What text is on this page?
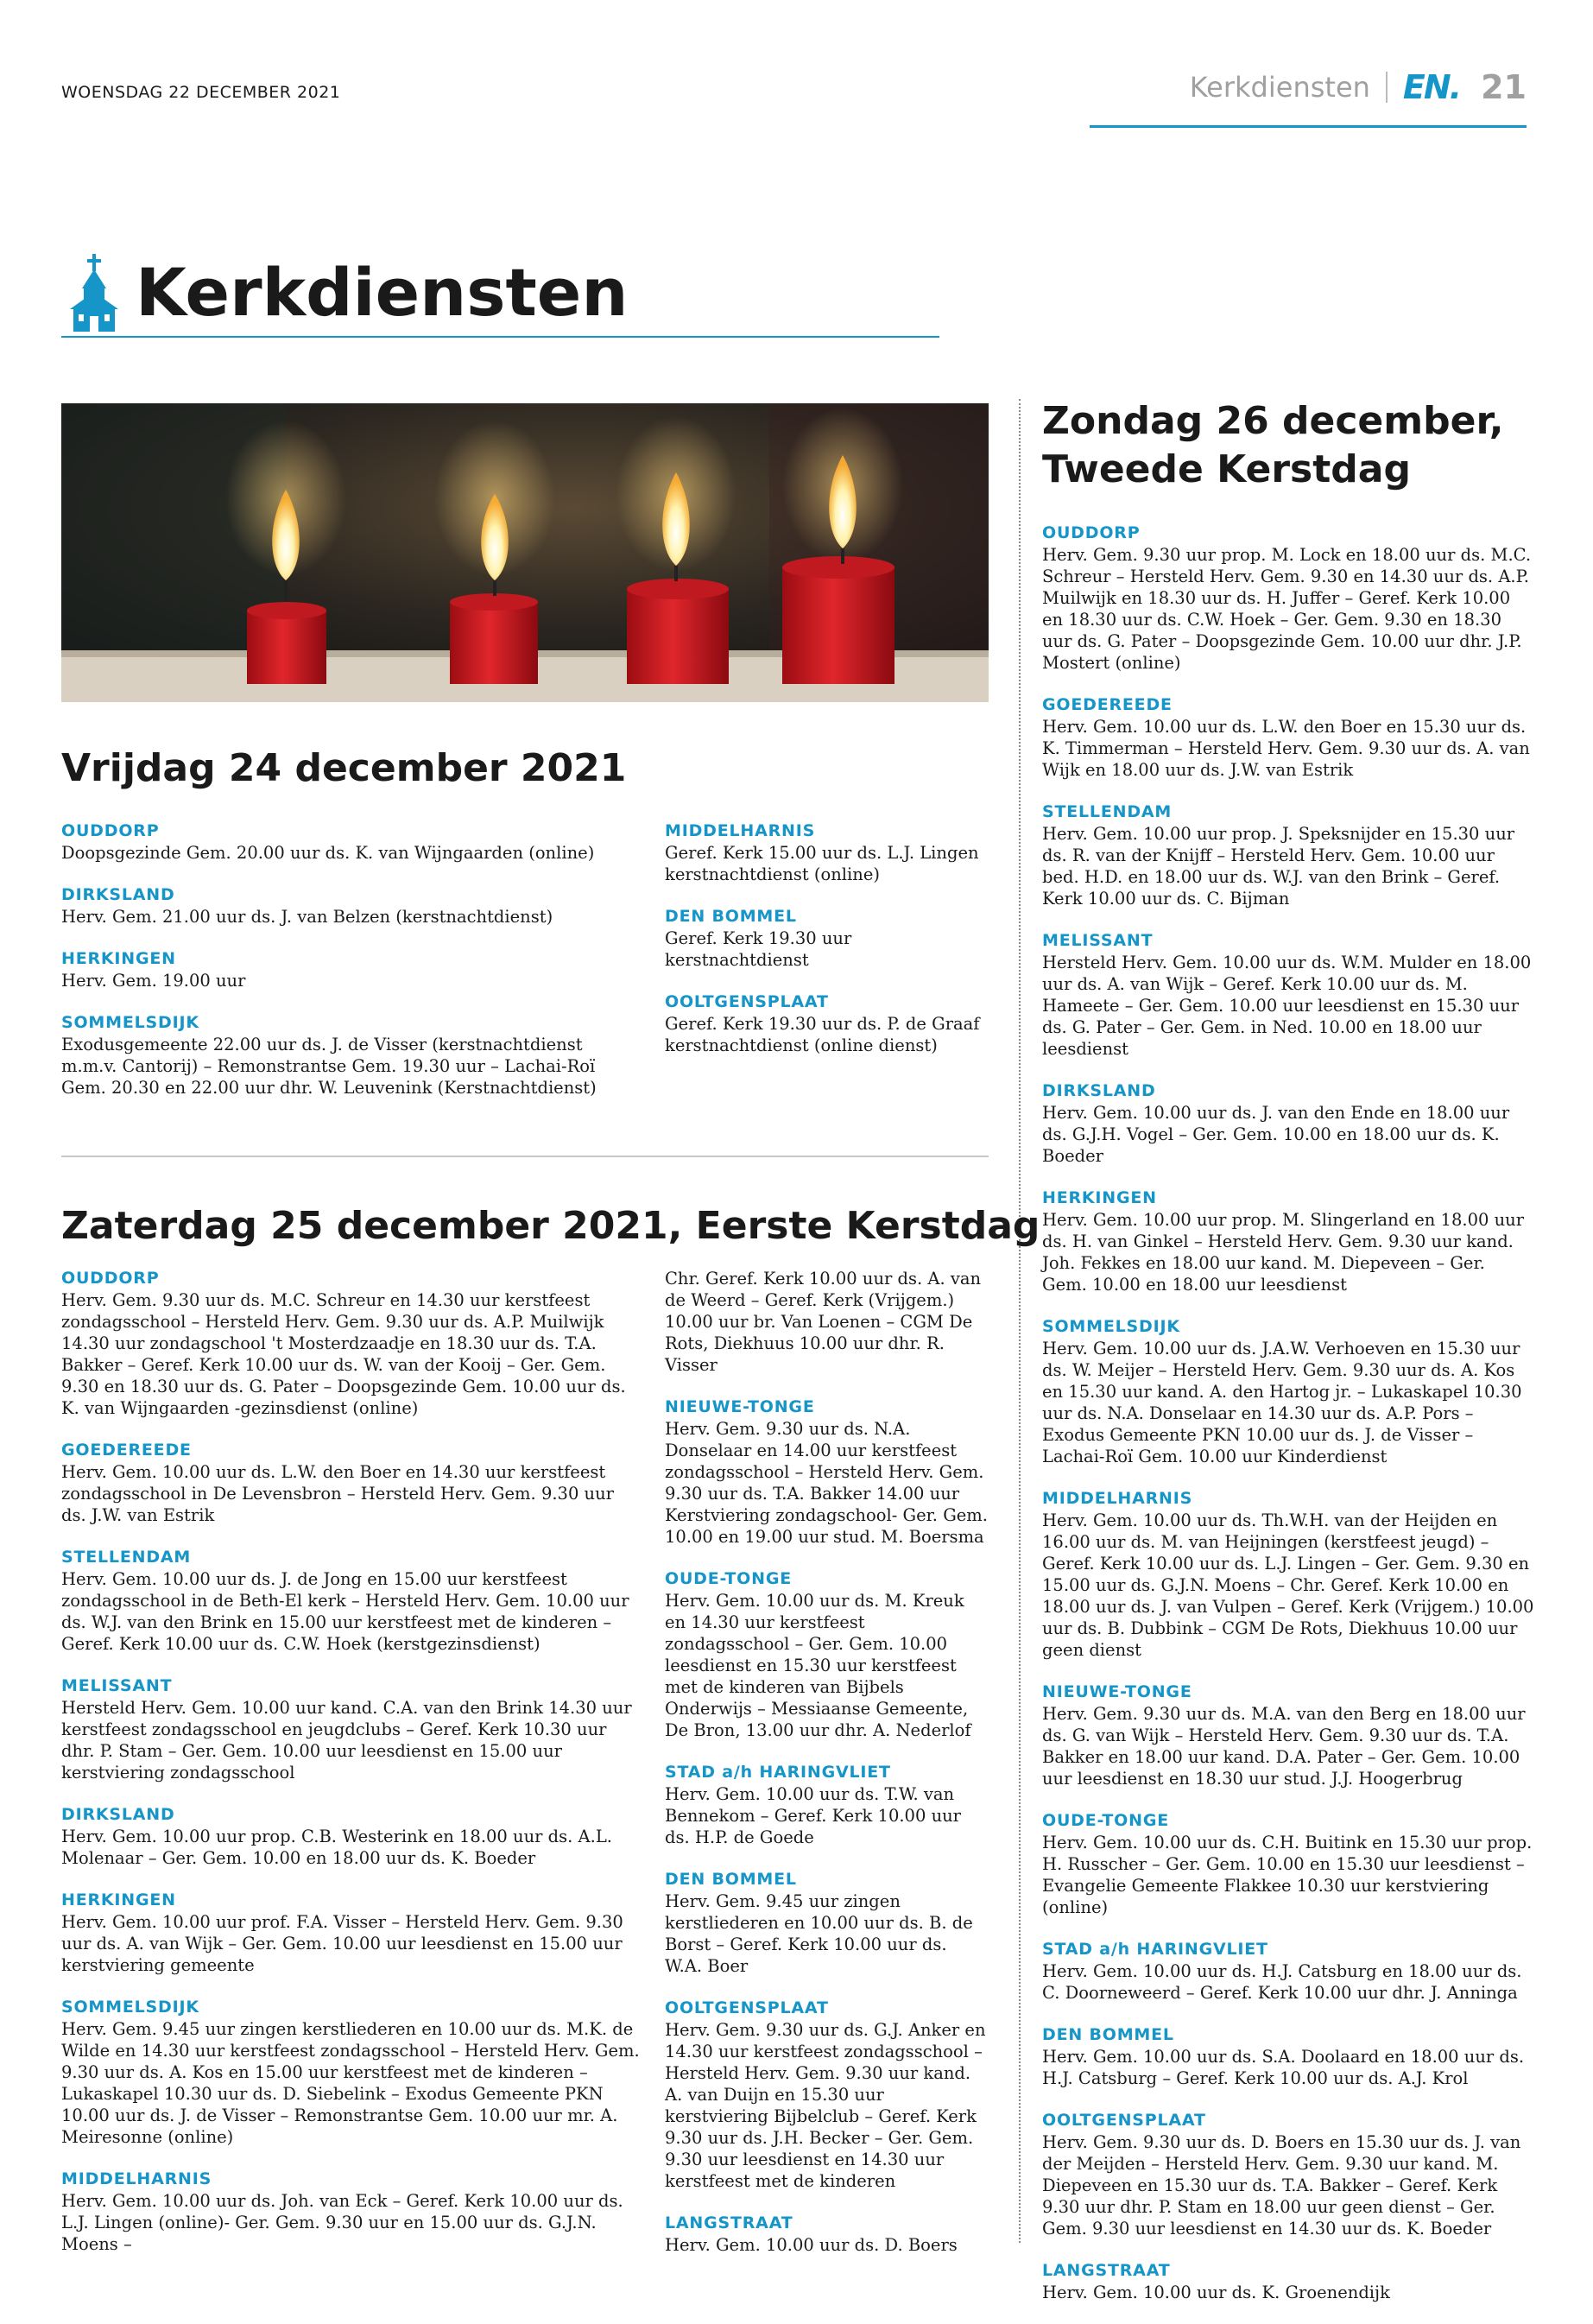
WOENSDAG 22 DECEMBER 2021	Kerkdiensten EN. 21
Kerkdiensten
Vrijdag 24 december 2021
OUDDORP
Doopsgezinde Gem. 20.00 uur ds. K. van Wijngaarden (online)
DIRKSLAND
Herv. Gem. 21.00 uur ds. J. van Belzen (kerstnachtdienst)
HERKINGEN
Herv. Gem. 19.00 uur
SOMMELSDIJK
Exodusgemeente 22.00 uur ds. J. de Visser (kerstnachtdienst m.m.v. Cantorij) – Remonstrantse Gem. 19.30 uur – Lachai-Roï Gem. 20.30 en 22.00 uur dhr. W. Leuvenink (Kerstnachtdienst)
MIDDELHARNIS
Geref. Kerk 15.00 uur ds. L.J. Lingen kerstnachtdienst (online)
DEN BOMMEL
Geref. Kerk 19.30 uur kerstnachtdienst
OOLTGENSPLAAT
Geref. Kerk 19.30 uur ds. P. de Graaf kerstnachtdienst (online dienst)
Zaterdag 25 december 2021, Eerste Kerstdag
OUDDORP
Herv. Gem. 9.30 uur ds. M.C. Schreur en 14.30 uur kerstfeest zondagsschool – Hersteld Herv. Gem. 9.30 uur ds. A.P. Muilwijk 14.30 uur zondagschool 't Mosterdzaadje en 18.30 uur ds. T.A. Bakker – Geref. Kerk 10.00 uur ds. W. van der Kooij – Ger. Gem. 9.30 en 18.30 uur ds. G. Pater – Doopsgezinde Gem. 10.00 uur ds. K. van Wijngaarden -gezinsdienst (online)
GOEDEREEDE
Herv. Gem. 10.00 uur ds. L.W. den Boer en 14.30 uur kerstfeest zondagsschool in De Levensbron – Hersteld Herv. Gem. 9.30 uur ds. J.W. van Estrik
STELLENDAM
Herv. Gem. 10.00 uur ds. J. de Jong en 15.00 uur kerstfeest zondagsschool in de Beth-El kerk – Hersteld Herv. Gem. 10.00 uur ds. W.J. van den Brink en 15.00 uur kerstfeest met de kinderen – Geref. Kerk 10.00 uur ds. C.W. Hoek (kerstgezinsdienst)
MELISSANT
Hersteld Herv. Gem. 10.00 uur kand. C.A. van den Brink 14.30 uur kerstfeest zondagsschool en jeugdclubs – Geref. Kerk 10.30 uur dhr. P. Stam – Ger. Gem. 10.00 uur leesdienst en 15.00 uur kerstviering zondagsschool
DIRKSLAND
Herv. Gem. 10.00 uur prop. C.B. Westerink en 18.00 uur ds. A.L. Molenaar – Ger. Gem. 10.00 en 18.00 uur ds. K. Boeder
HERKINGEN
Herv. Gem. 10.00 uur prof. F.A. Visser – Hersteld Herv. Gem. 9.30 uur ds. A. van Wijk – Ger. Gem. 10.00 uur leesdienst en 15.00 uur kerstviering gemeente
SOMMELSDIJK
Herv. Gem. 9.45 uur zingen kerstliederen en 10.00 uur ds. M.K. de Wilde en 14.30 uur kerstfeest zondagsschool – Hersteld Herv. Gem. 9.30 uur ds. A. Kos en 15.00 uur kerstfeest met de kinderen – Lukaskapel 10.30 uur ds. D. Siebelink – Exodus Gemeente PKN 10.00 uur ds. J. de Visser – Remonstrantse Gem. 10.00 uur mr. A. Meiresonne (online)
MIDDELHARNIS
Herv. Gem. 10.00 uur ds. Joh. van Eck – Geref. Kerk 10.00 uur ds. L.J. Lingen (online)- Ger. Gem. 9.30 uur en 15.00 uur ds. G.J.N. Moens –
Chr. Geref. Kerk 10.00 uur ds. A. van de Weerd – Geref. Kerk (Vrijgem.) 10.00 uur br. Van Loenen – CGM De Rots, Diekhuus 10.00 uur dhr. R. Visser
NIEUWE-TONGE
Herv. Gem. 9.30 uur ds. N.A. Donselaar en 14.00 uur kerstfeest zondagsschool – Hersteld Herv. Gem. 9.30 uur ds. T.A. Bakker 14.00 uur Kerstviering zondagschool- Ger. Gem. 10.00 en 19.00 uur stud. M. Boersma
OUDE-TONGE
Herv. Gem. 10.00 uur ds. M. Kreuk en 14.30 uur kerstfeest zondagsschool – Ger. Gem. 10.00 leesdienst en 15.30 uur kerstfeest met de kinderen van Bijbels Onderwijs – Messiaanse Gemeente, De Bron, 13.00 uur dhr. A. Nederlof
STAD a/h HARINGVLIET
Herv. Gem. 10.00 uur ds. T.W. van Bennekom – Geref. Kerk 10.00 uur ds. H.P. de Goede
DEN BOMMEL
Herv. Gem. 9.45 uur zingen kerstliederen en 10.00 uur ds. B. de Borst – Geref. Kerk 10.00 uur ds. W.A. Boer
OOLTGENSPLAAT
Herv. Gem. 9.30 uur ds. G.J. Anker en 14.30 uur kerstfeest zondagsschool – Hersteld Herv. Gem. 9.30 uur kand. A. van Duijn en 15.30 uur kerstviering Bijbelclub – Geref. Kerk 9.30 uur ds. J.H. Becker – Ger. Gem. 9.30 uur leesdienst en 14.30 uur kerstfeest met de kinderen
LANGSTRAAT
Herv. Gem. 10.00 uur ds. D. Boers
Zondag 26 december,
Tweede Kerstdag
OUDDORP
Herv. Gem. 9.30 uur prop. M. Lock en 18.00 uur ds. M.C. Schreur – Hersteld Herv. Gem. 9.30 en 14.30 uur ds. A.P. Muilwijk en 18.30 uur ds. H. Juffer – Geref. Kerk 10.00 en 18.30 uur ds. C.W. Hoek – Ger. Gem. 9.30 en 18.30 uur ds. G. Pater – Doopsgezinde Gem. 10.00 uur dhr. J.P. Mostert (online)
GOEDEREEDE
Herv. Gem. 10.00 uur ds. L.W. den Boer en 15.30 uur ds. K. Timmerman – Hersteld Herv. Gem. 9.30 uur ds. A. van Wijk en 18.00 uur ds. J.W. van Estrik
STELLENDAM
Herv. Gem. 10.00 uur prop. J. Speksnijder en 15.30 uur ds. R. van der Knijff – Hersteld Herv. Gem. 10.00 uur bed. H.D. en 18.00 uur ds. W.J. van den Brink – Geref. Kerk 10.00 uur ds. C. Bijman
MELISSANT
Hersteld Herv. Gem. 10.00 uur ds. W.M. Mulder en 18.00 uur ds. A. van Wijk – Geref. Kerk 10.00 uur ds. M. Hameete – Ger. Gem. 10.00 uur leesdienst en 15.30 uur ds. G. Pater – Ger. Gem. in Ned. 10.00 en 18.00 uur leesdienst
DIRKSLAND
Herv. Gem. 10.00 uur ds. J. van den Ende en 18.00 uur ds. G.J.H. Vogel – Ger. Gem. 10.00 en 18.00 uur ds. K. Boeder
HERKINGEN
Herv. Gem. 10.00 uur prop. M. Slingerland en 18.00 uur ds. H. van Ginkel – Hersteld Herv. Gem. 9.30 uur kand. Joh. Fekkes en 18.00 uur kand. M. Diepeveen – Ger. Gem. 10.00 en 18.00 uur leesdienst
SOMMELSDIJK
Herv. Gem. 10.00 uur ds. J.A.W. Verhoeven en 15.30 uur ds. W. Meijer – Hersteld Herv. Gem. 9.30 uur ds. A. Kos en 15.30 uur kand. A. den Hartog jr. – Lukaskapel 10.30 uur ds. N.A. Donselaar en 14.30 uur ds. A.P. Pors – Exodus Gemeente PKN 10.00 uur ds. J. de Visser – Lachai-Roï Gem. 10.00 uur Kinderdienst
MIDDELHARNIS
Herv. Gem. 10.00 uur ds. Th.W.H. van der Heijden en 16.00 uur ds. M. van Heijningen (kerstfeest jeugd) – Geref. Kerk 10.00 uur ds. L.J. Lingen – Ger. Gem. 9.30 en 15.00 uur ds. G.J.N. Moens – Chr. Geref. Kerk 10.00 en 18.00 uur ds. J. van Vulpen – Geref. Kerk (Vrijgem.) 10.00 uur ds. B. Dubbink – CGM De Rots, Diekhuus 10.00 uur geen dienst
NIEUWE-TONGE
Herv. Gem. 9.30 uur ds. M.A. van den Berg en 18.00 uur ds. G. van Wijk – Hersteld Herv. Gem. 9.30 uur ds. T.A. Bakker en 18.00 uur kand. D.A. Pater – Ger. Gem. 10.00 uur leesdienst en 18.30 uur stud. J.J. Hoogerbrug
OUDE-TONGE
Herv. Gem. 10.00 uur ds. C.H. Buitink en 15.30 uur prop. H. Russcher – Ger. Gem. 10.00 en 15.30 uur leesdienst – Evangelie Gemeente Flakkee 10.30 uur kerstviering (online)
STAD a/h HARINGVLIET
Herv. Gem. 10.00 uur ds. H.J. Catsburg en 18.00 uur ds. C. Doorneweerd – Geref. Kerk 10.00 uur dhr. J. Anninga
DEN BOMMEL
Herv. Gem. 10.00 uur ds. S.A. Doolaard en 18.00 uur ds. H.J. Catsburg – Geref. Kerk 10.00 uur ds. A.J. Krol
OOLTGENSPLAAT
Herv. Gem. 9.30 uur ds. D. Boers en 15.30 uur ds. J. van der Meijden – Hersteld Herv. Gem. 9.30 uur kand. M. Diepeveen en 15.30 uur ds. T.A. Bakker – Geref. Kerk 9.30 uur dhr. P. Stam en 18.00 uur geen dienst – Ger. Gem. 9.30 uur leesdienst en 14.30 uur ds. K. Boeder
LANGSTRAAT
Herv. Gem. 10.00 uur ds. K. Groenendijk
